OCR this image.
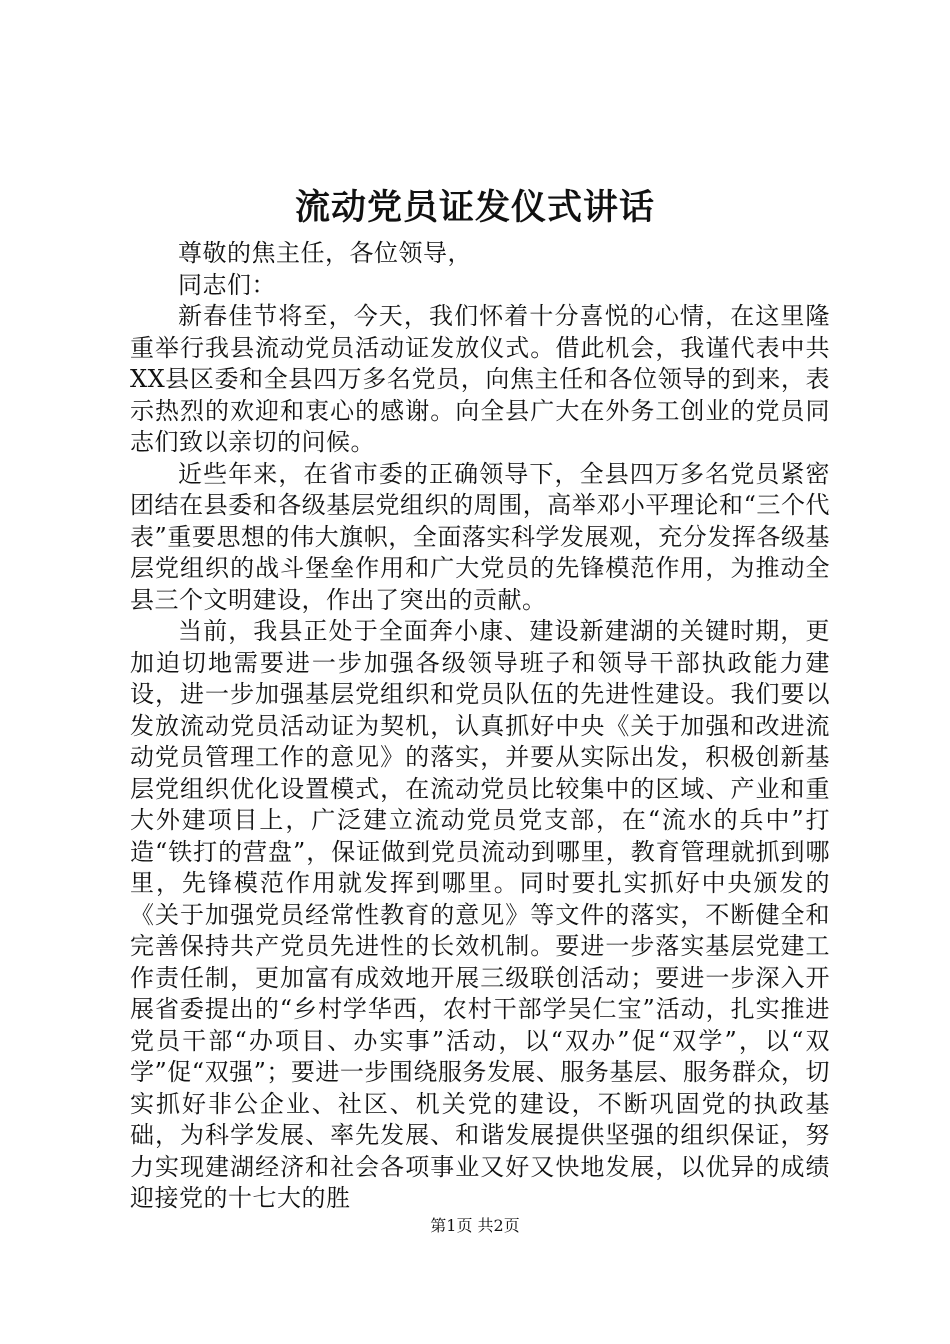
流动党员证发仪式讲话

尊敬的焦主任，各位领导，

同志们：

新春佳节将至，今天，我们怀着十分喜悦的心情，在这里隆重举行我县流动党员活动证发放仪式。借此机会，我谨代表中共XX县区委和全县四万多名党员，向焦主任和各位领导的到来，表示热烈的欢迎和衷心的感谢。向全县广大在外务工创业的党员同志们致以亲切的问候。

近些年来，在省市委的正确领导下，全县四万多名党员紧密团结在县委和各级基层党组织的周围，高举邓小平理论和“三个代表”重要思想的伟大旗帜，全面落实科学发展观，充分发挥各级基层党组织的战斗堡垒作用和广大党员的先锋模范作用，为推动全县三个文明建设，作出了突出的贡献。

当前，我县正处于全面奔小康、建设新建湖的关键时期，更加迫切地需要进一步加强各级领导班子和领导干部执政能力建设，进一步加强基层党组织和党员队伍的先进性建设。我们要以发放流动党员活动证为契机，认真抓好中央《关于加强和改进流动党员管理工作的意见》的落实，并要从实际出发，积极创新基层党组织优化设置模式，在流动党员比较集中的区域、产业和重大外建项目上，广泛建立流动党员党支部，在“流水的兵中”打造“铁打的营盘”，保证做到党员流动到哪里，教育管理就抓到哪里，先锋模范作用就发挥到哪里。同时要扎实抓好中央颁发的《关于加强党员经常性教育的意见》等文件的落实，不断健全和完善保持共产党员先进性的长效机制。要进一步落实基层党建工作责任制，更加富有成效地开展三级联创活动；要进一步深入开展省委提出的“乡村学华西，农村干部学吴仁宝”活动，扎实推进党员干部“办项目、办实事”活动，以“双办”促“双学”，以“双学”促“双强”；要进一步围绕服务发展、服务基层、服务群众，切实抓好非公企业、社区、机关党的建设，不断巩固党的执政基础，为科学发展、率先发展、和谐发展提供坚强的组织保证，努力实现建湖经济和社会各项事业又好又快地发展，以优异的成绩迎接党的十七大的胜

第1页 共2页
